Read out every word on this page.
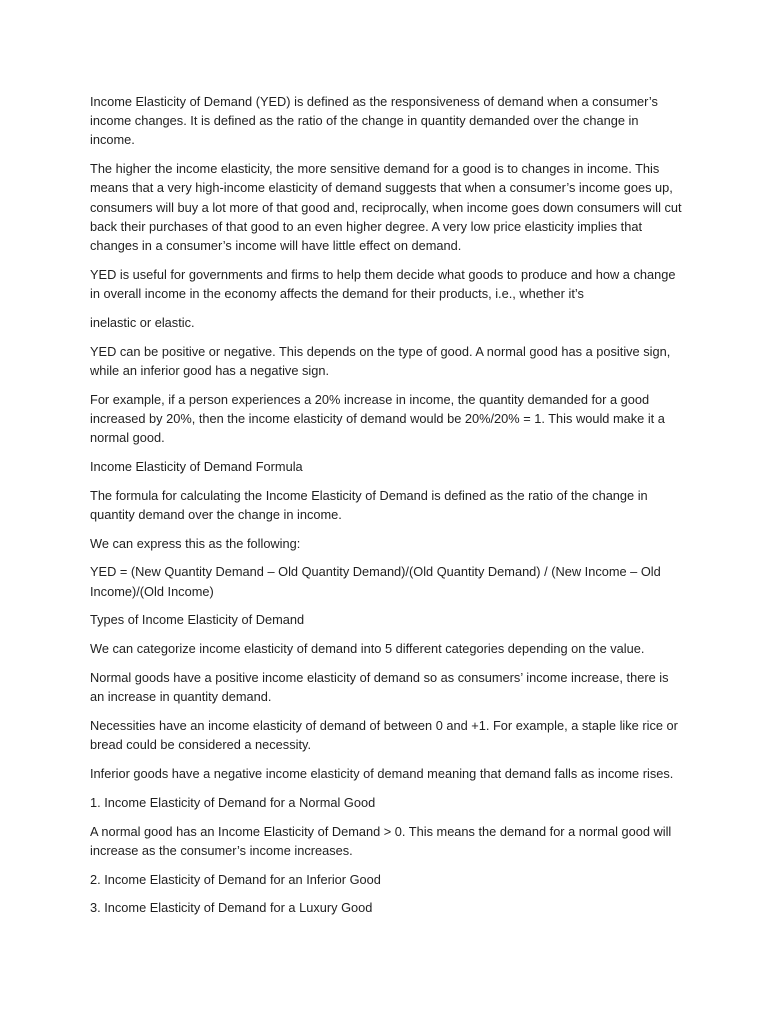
Income Elasticity of Demand (YED) is defined as the responsiveness of demand when a consumer’s income changes. It is defined as the ratio of the change in quantity demanded over the change in income.

The higher the income elasticity, the more sensitive demand for a good is to changes in income. This means that a very high-income elasticity of demand suggests that when a consumer’s income goes up, consumers will buy a lot more of that good and, reciprocally, when income goes down consumers will cut back their purchases of that good to an even higher degree. A very low price elasticity implies that changes in a consumer’s income will have little effect on demand.

YED is useful for governments and firms to help them decide what goods to produce and how a change in overall income in the economy affects the demand for their products, i.e., whether it’s

inelastic or elastic.

YED can be positive or negative. This depends on the type of good. A normal good has a positive sign, while an inferior good has a negative sign.

For example, if a person experiences a 20% increase in income, the quantity demanded for a good increased by 20%, then the income elasticity of demand would be 20%/20% = 1. This would make it a normal good.

Income Elasticity of Demand Formula

The formula for calculating the Income Elasticity of Demand is defined as the ratio of the change in quantity demand over the change in income.

We can express this as the following:

YED = (New Quantity Demand – Old Quantity Demand)/(Old Quantity Demand) / (New Income – Old Income)/(Old Income)

Types of Income Elasticity of Demand

We can categorize income elasticity of demand into 5 different categories depending on the value.

Normal goods have a positive income elasticity of demand so as consumers’ income increase, there is an increase in quantity demand.

Necessities have an income elasticity of demand of between 0 and +1. For example, a staple like rice or bread could be considered a necessity.

Inferior goods have a negative income elasticity of demand meaning that demand falls as income rises.

1. Income Elasticity of Demand for a Normal Good

A normal good has an Income Elasticity of Demand > 0. This means the demand for a normal good will increase as the consumer’s income increases.

2. Income Elasticity of Demand for an Inferior Good

3. Income Elasticity of Demand for a Luxury Good
